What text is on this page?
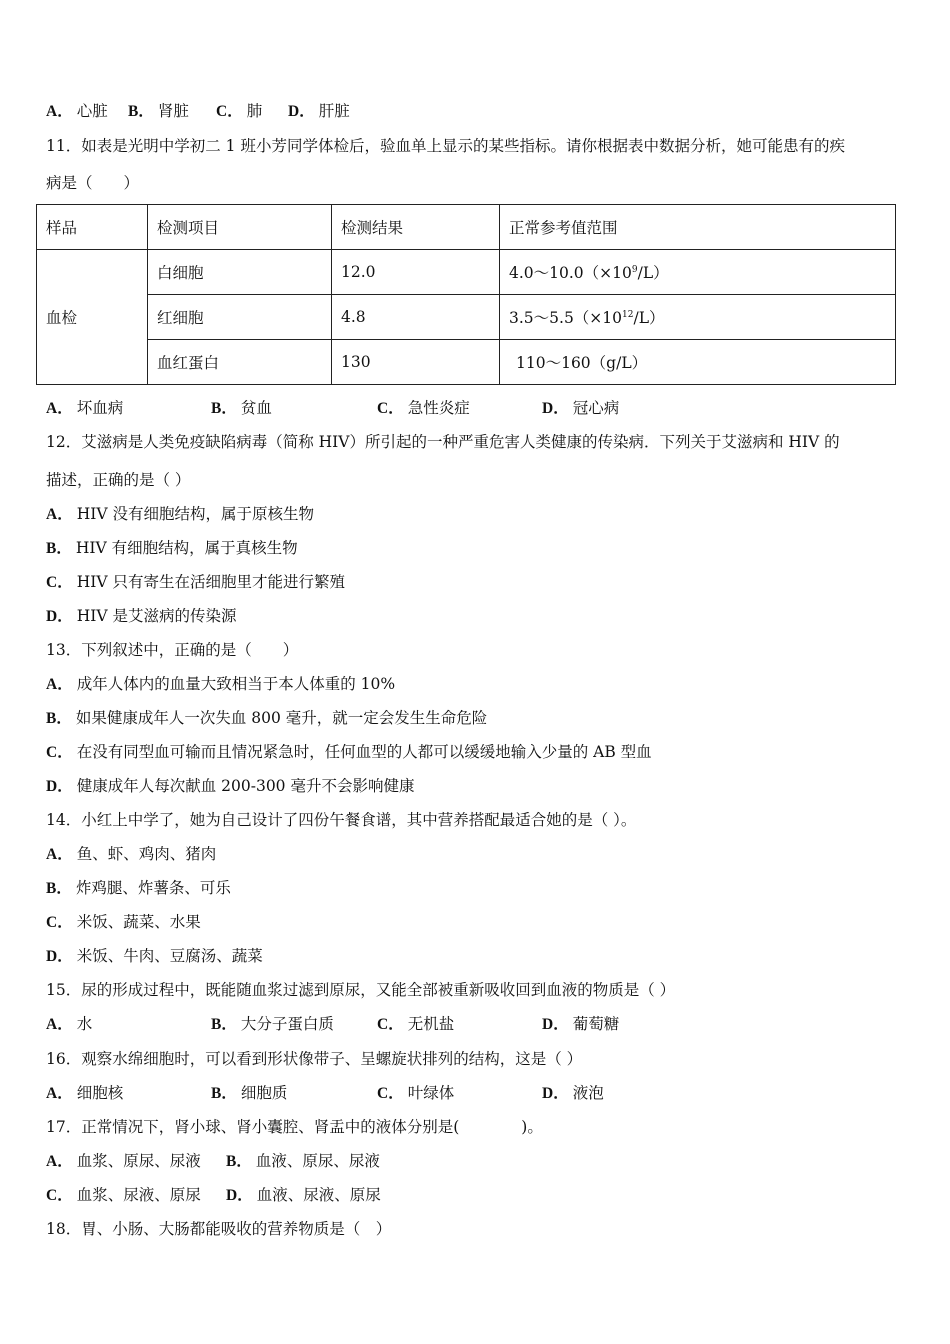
A． 心脏 B． 肾脏 C． 肺 D． 肝脏
11．如表是光明中学初二 1 班小芳同学体检后，验血单上显示的某些指标。请你根据表中数据分析，她可能患有的疾
病是（　　）
样品	检测项目	检测结果	正常参考值范围
血检	白细胞	12.0	$4.0\sim 10.0(\times 10^9/L)$
	红细胞	4.8	$3.5\sim 5.5(\times 10^{12}/L)$
	血红蛋白	130	110～160（g/L）
A． 坏血病	B． 贫血	C． 急性炎症	D． 冠心病
12．艾滋病是人类免疫缺陷病毒（简称 HIV）所引起的一种严重危害人类健康的传染病．下列关于艾滋病和 HIV 的
描述，正确的是（ ）
A． HIV 没有细胞结构，属于原核生物
B． HIV 有细胞结构，属于真核生物
C． HIV 只有寄生在活细胞里才能进行繁殖
D． HIV 是艾滋病的传染源
13．下列叙述中，正确的是（　　）
A． 成年人体内的血量大致相当于本人体重的 10%
B． 如果健康成年人一次失血 800 毫升，就一定会发生生命危险
C． 在没有同型血可输而且情况紧急时，任何血型的人都可以缓缓地输入少量的 AB 型血
D． 健康成年人每次献血 200-300 毫升不会影响健康
14．小红上中学了，她为自己设计了四份午餐食谱，其中营养搭配最适合她的是（ ）。
A． 鱼、虾、鸡肉、猪肉
B． 炸鸡腿、炸薯条、可乐
C． 米饭、蔬菜、水果
D． 米饭、牛肉、豆腐汤、蔬菜
15．尿的形成过程中，既能随血浆过滤到原尿，又能全部被重新吸收回到血液的物质是（ ）
A． 水	B． 大分子蛋白质	C． 无机盐	D． 葡萄糖
16．观察水绵细胞时，可以看到形状像带子、呈螺旋状排列的结构，这是（ ）
A． 细胞核	B． 细胞质	C． 叶绿体	D． 液泡
17．正常情况下，肾小球、肾小囊腔、肾盂中的液体分别是(　　　　)。
A． 血浆、原尿、尿液 B． 血液、原尿、尿液
C． 血浆、尿液、原尿 D． 血液、尿液、原尿
18．胃、小肠、大肠都能吸收的营养物质是（　）
